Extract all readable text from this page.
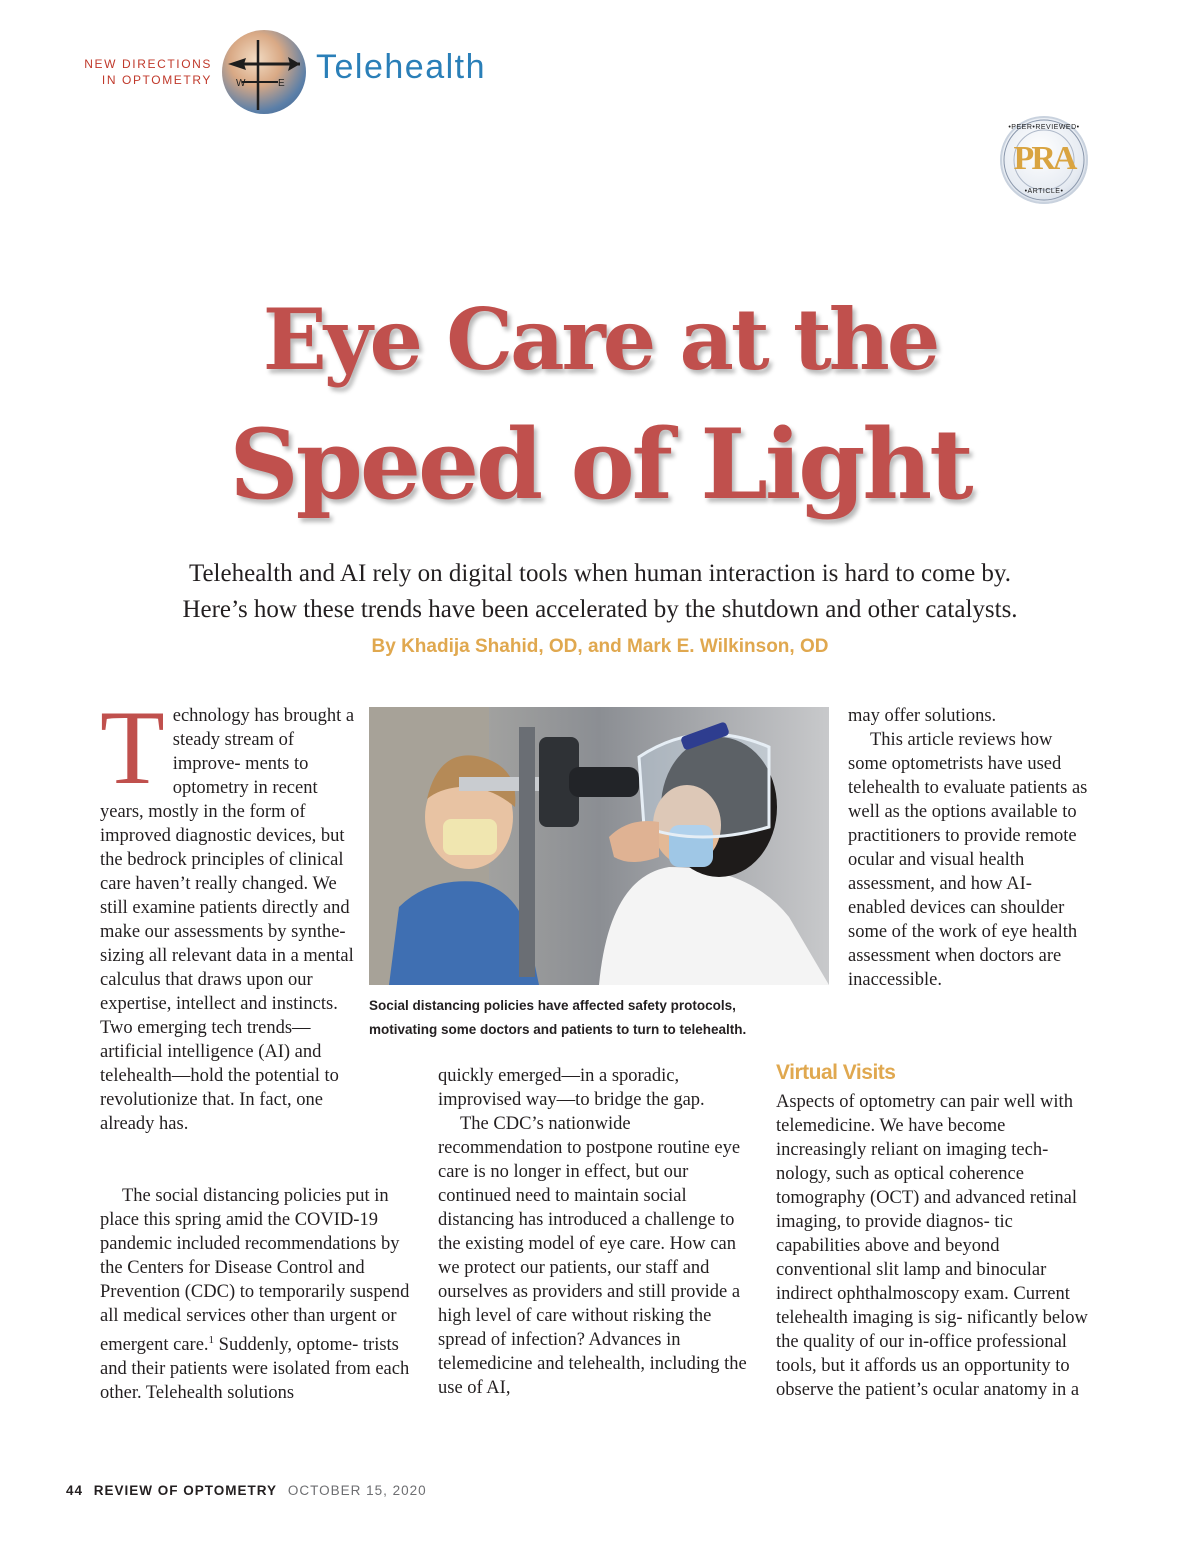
NEW DIRECTIONS
IN OPTOMETRY W	E Telehealth
•PEER•REVIEWED•
PRA
•ARTICLE•
Eye Care at the
Speed of Light
Telehealth and AI rely on digital tools when human interaction is hard to come by.
Here’s how these trends have been accelerated by the shutdown and other catalysts.
By Khadija Shahid, OD, and Mark E. Wilkinson, OD
T echnology has brought a steady stream of improve- ments to optometry in recent years, mostly in the form of improved diagnostic devices, but the bedrock principles of clinical care haven’t really changed. We still examine patients directly and make our assessments by synthe- sizing all relevant data in a mental calculus that draws upon our expertise, intellect and instincts. Two emerging tech trends—artificial intelligence (AI) and telehealth—hold the potential to revolutionize that. In fact, one already has.

The social distancing policies put in place this spring amid the COVID-19 pandemic included recommendations by the Centers for Disease Control and Prevention (CDC) to temporarily suspend all medical services other than urgent or emergent care.$^1$ Suddenly, optome- trists and their patients were isolated from each other. Telehealth solutions

Social distancing policies have affected safety protocols,
motivating some doctors and patients to turn to telehealth.

quickly emerged—in a sporadic, improvised way—to bridge the gap.

The CDC’s nationwide recommendation to postpone routine eye care is no longer in effect, but our continued need to maintain social distancing has introduced a challenge to the existing model of eye care. How can we protect our patients, our staff and ourselves as providers and still provide a high level of care without risking the spread of infection? Advances in telemedicine and telehealth, including the use of AI,

may offer solutions.

This article reviews how some optometrists have used telehealth to evaluate patients as well as the options available to practitioners to provide remote ocular and visual health assessment, and how AI-enabled devices can shoulder some of the work of eye health assessment when doctors are inaccessible.

Virtual Visits

Aspects of optometry can pair well with telemedicine. We have become increasingly reliant on imaging tech- nology, such as optical coherence tomography (OCT) and advanced retinal imaging, to provide diagnos- tic capabilities above and beyond conventional slit lamp and binocular indirect ophthalmoscopy exam. Current telehealth imaging is sig- nificantly below the quality of our in-office professional tools, but it affords us an opportunity to observe the patient’s ocular anatomy in a

44 REVIEW OF OPTOMETRY OCTOBER 15, 2020
